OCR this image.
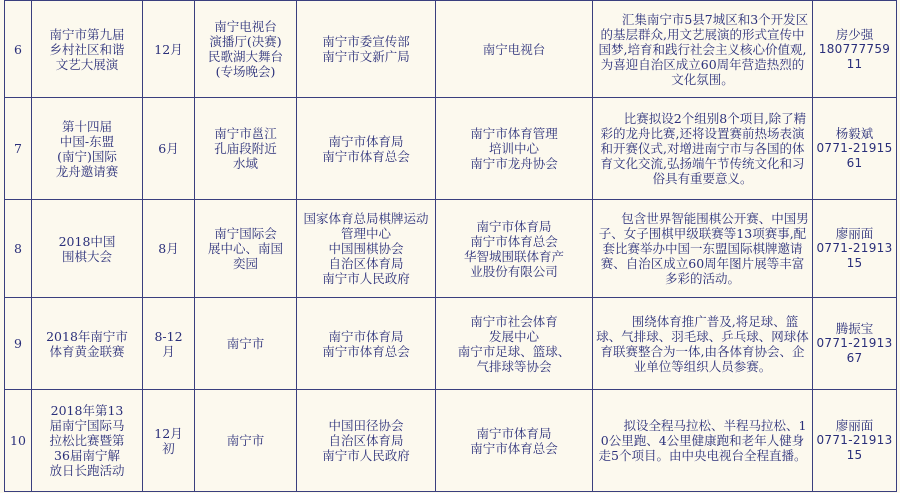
6	南宁市第九届
乡村社区和谐
文艺大展演	12月	南宁电视台
演播厅(决赛)
民歌湖大舞台
(专场晚会)	南宁市委宣传部
南宁市文新广局	南宁电视台	汇集南宁市5县7城区和3个开发区的基层群众,用文艺展演的形式宣传中国梦,培育和践行社会主义核心价值观,为喜迎自治区成立60周年营造热烈的文化氛围。	房少强
18077775911

7	第十四届
中国-东盟
(南宁)国际
龙舟邀请赛	6月	南宁市邕江
孔庙段附近
水域	南宁市体育局
南宁市体育总会	南宁市体育管理
培训中心
南宁市龙舟协会	比赛拟设2个组别8个项目,除了精彩的龙舟比赛,还将设置赛前热场表演和开赛仪式,对增进南宁市与各国的体育文化交流,弘扬端午节传统文化和习俗具有重要意义。	杨毅斌
0771-2191561

8	2018中国
围棋大会	8月	南宁国际会
展中心、南国
奕园	国家体育总局棋牌运动
管理中心
中国围棋协会
自治区体育局
南宁市人民政府	南宁市体育局
南宁市体育总会
华智城围联体育产
业股份有限公司	包含世界智能围棋公开赛、中国男子、女子围棋甲级联赛等13项赛事,配套比赛举办中国一东盟国际棋牌邀请赛、自治区成立60周年图片展等丰富多彩的活动。	廖丽面
0771-2191315

9	2018年南宁市
体育黄金联赛	8-12
月	南宁市	南宁市体育局
南宁市体育总会	南宁市社会体育
发展中心
南宁市足球、篮球、
气排球等协会	围绕体育推广普及,将足球、篮球、气排球、羽毛球、乒乓球、网球体育联赛整合为一体,由各体育协会、企业单位等组织人员参赛。	腾振宝
0771-2191367

10	2018年第13
届南宁国际马
拉松比赛暨第
36届南宁解
放日长跑活动	12月
初	南宁市	中国田径协会
自治区体育局
南宁市人民政府	南宁市体育局
南宁市体育总会	拟设全程马拉松、半程马拉松、10公里跑、4公里健康跑和老年人健身走5个项目。由中央电视台全程直播。	廖丽面
0771-2191315
